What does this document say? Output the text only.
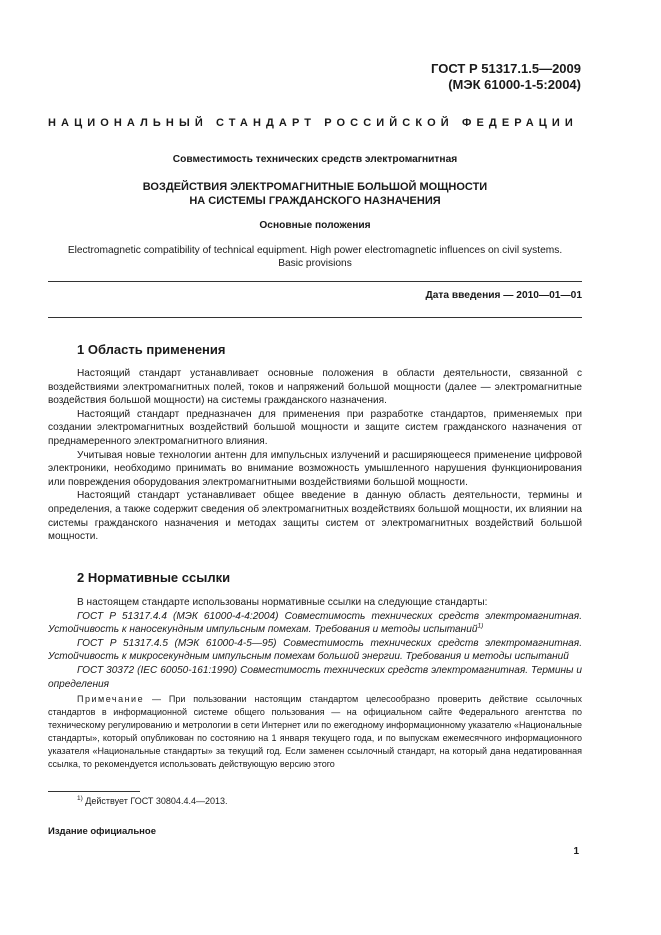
ГОСТ Р 51317.1.5—2009
(МЭК 61000-1-5:2004)
НАЦИОНАЛЬНЫЙ СТАНДАРТ РОССИЙСКОЙ ФЕДЕРАЦИИ
Совместимость технических средств электромагнитная
ВОЗДЕЙСТВИЯ ЭЛЕКТРОМАГНИТНЫЕ БОЛЬШОЙ МОЩНОСТИ
НА СИСТЕМЫ ГРАЖДАНСКОГО НАЗНАЧЕНИЯ
Основные положения
Electromagnetic compatibility of technical equipment. High power electromagnetic influences on civil systems.
Basic provisions
Дата введения — 2010—01—01
1 Область применения

Настоящий стандарт устанавливает основные положения в области деятельности, связанной с воздействиями электромагнитных полей, токов и напряжений большой мощности (далее — электромагнитные воздействия большой мощности) на системы гражданского назначения.

Настоящий стандарт предназначен для применения при разработке стандартов, применяемых при создании электромагнитных воздействий большой мощности и защите систем гражданского назначения от преднамеренного электромагнитного влияния.

Учитывая новые технологии антенн для импульсных излучений и расширяющееся применение цифровой электроники, необходимо принимать во внимание возможность умышленного нарушения функционирования или повреждения оборудования электромагнитными воздействиями большой мощности.

Настоящий стандарт устанавливает общее введение в данную область деятельности, термины и определения, а также содержит сведения об электромагнитных воздействиях большой мощности, их влиянии на системы гражданского назначения и методах защиты систем от электромагнитных воздействий большой мощности.

2 Нормативные ссылки

В настоящем стандарте использованы нормативные ссылки на следующие стандарты:

ГОСТ Р 51317.4.4 (МЭК 61000-4-4:2004) Совместимость технических средств электромагнитная. Устойчивость к наносекундным импульсным помехам. Требования и методы испытаний$^{1)}$

ГОСТ Р 51317.4.5 (МЭК 61000-4-5—95) Совместимость технических средств электромагнитная. Устойчивость к микросекундным импульсным помехам большой энергии. Требования и методы испытаний

ГОСТ 30372 (IEC 60050-161:1990) Совместимость технических средств электромагнитная. Термины и определения

Примечание — При пользовании настоящим стандартом целесообразно проверить действие ссылочных стандартов в информационной системе общего пользования — на официальном сайте Федерального агентства по техническому регулированию и метрологии в сети Интернет или по ежегодному информационному указателю «Национальные стандарты», который опубликован по состоянию на 1 января текущего года, и по выпускам ежемесячного информационного указателя «Национальные стандарты» за текущий год. Если заменен ссылочный стандарт, на который дана недатированная ссылка, то рекомендуется использовать действующую версию этого
$^{1)}$ Действует ГОСТ 30804.4.4—2013.
Издание официальное
1
